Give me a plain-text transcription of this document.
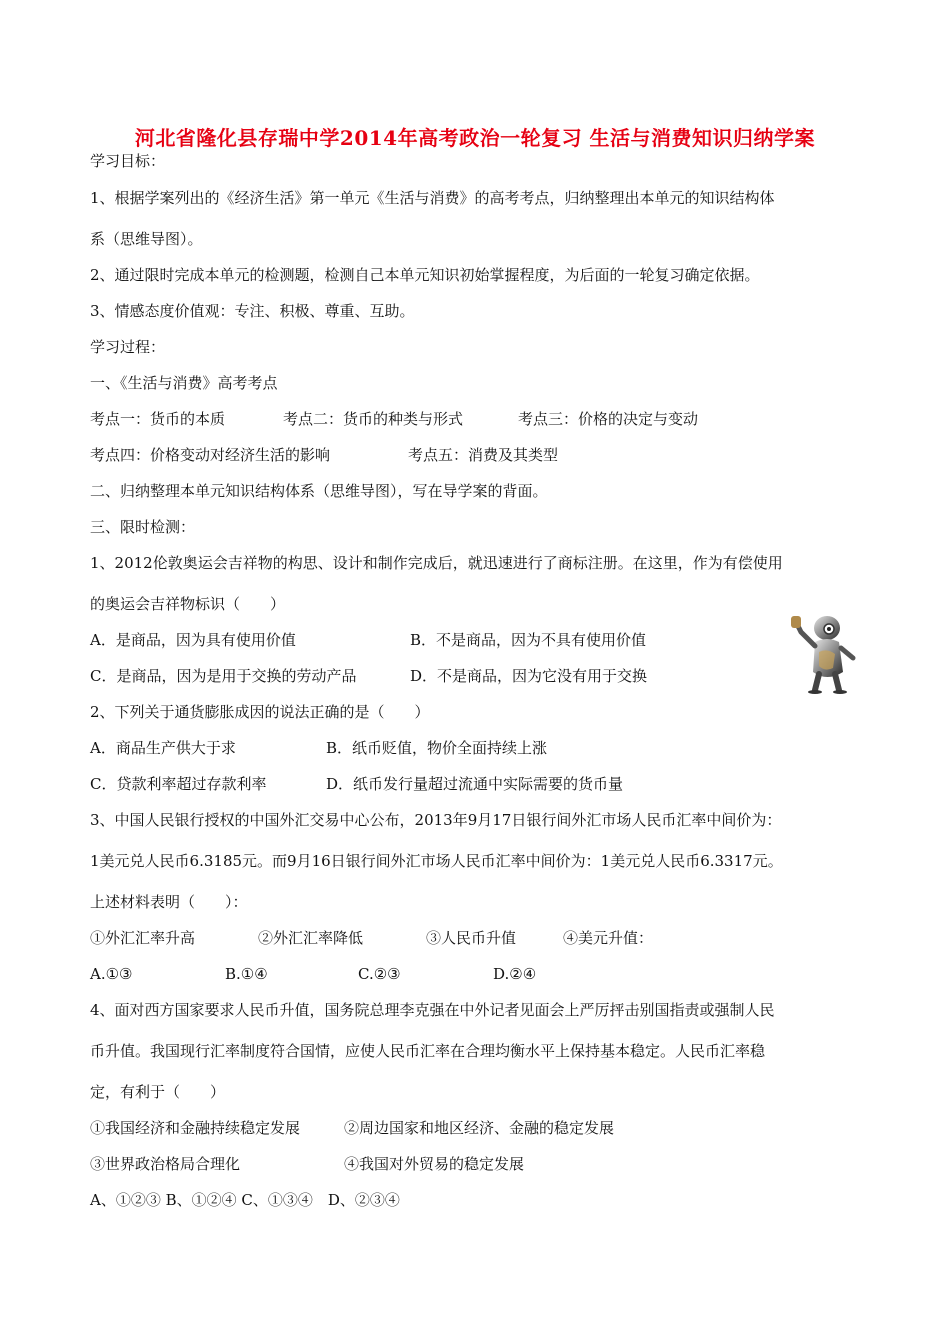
河北省隆化县存瑞中学2014年高考政治一轮复习 生活与消费知识归纳学案
学习目标：
1、根据学案列出的《经济生活》第一单元《生活与消费》的高考考点，归纳整理出本单元的知识结构体
系（思维导图）。
2、通过限时完成本单元的检测题，检测自己本单元知识初始掌握程度，为后面的一轮复习确定依据。
3、情感态度价值观：专注、积极、尊重、互助。
学习过程：
一、《生活与消费》高考考点
考点一：货币的本质	考点二：货币的种类与形式	考点三：价格的决定与变动
考点四：价格变动对经济生活的影响	考点五：消费及其类型
二、归纳整理本单元知识结构体系（思维导图），写在导学案的背面。
三、限时检测：
1、2012伦敦奥运会吉祥物的构思、设计和制作完成后，就迅速进行了商标注册。在这里，作为有偿使用
的奥运会吉祥物标识（　　）
A．是商品，因为具有使用价值	B．不是商品，因为不具有使用价值
C．是商品，因为是用于交换的劳动产品	D．不是商品，因为它没有用于交换
2、下列关于通货膨胀成因的说法正确的是（　　）
A．商品生产供大于求	B．纸币贬值，物价全面持续上涨
C．贷款利率超过存款利率	D．纸币发行量超过流通中实际需要的货币量
3、中国人民银行授权的中国外汇交易中心公布，2013年9月17日银行间外汇市场人民币汇率中间价为：
1美元兑人民币6.3185元。而9月16日银行间外汇市场人民币汇率中间价为：1美元兑人民币6.3317元。
上述材料表明（　　）：
①外汇汇率升高	②外汇汇率降低	③人民币升值	④美元升值：
A.①③	B.①④	C.②③	D.②④
4、面对西方国家要求人民币升值，国务院总理李克强在中外记者见面会上严厉抨击别国指责或强制人民
币升值。我国现行汇率制度符合国情，应使人民币汇率在合理均衡水平上保持基本稳定。人民币汇率稳
定，有利于（　　）
①我国经济和金融持续稳定发展	②周边国家和地区经济、金融的稳定发展
③世界政治格局合理化	④我国对外贸易的稳定发展
A、①②③ B、①②④ C、①③④　D、②③④
